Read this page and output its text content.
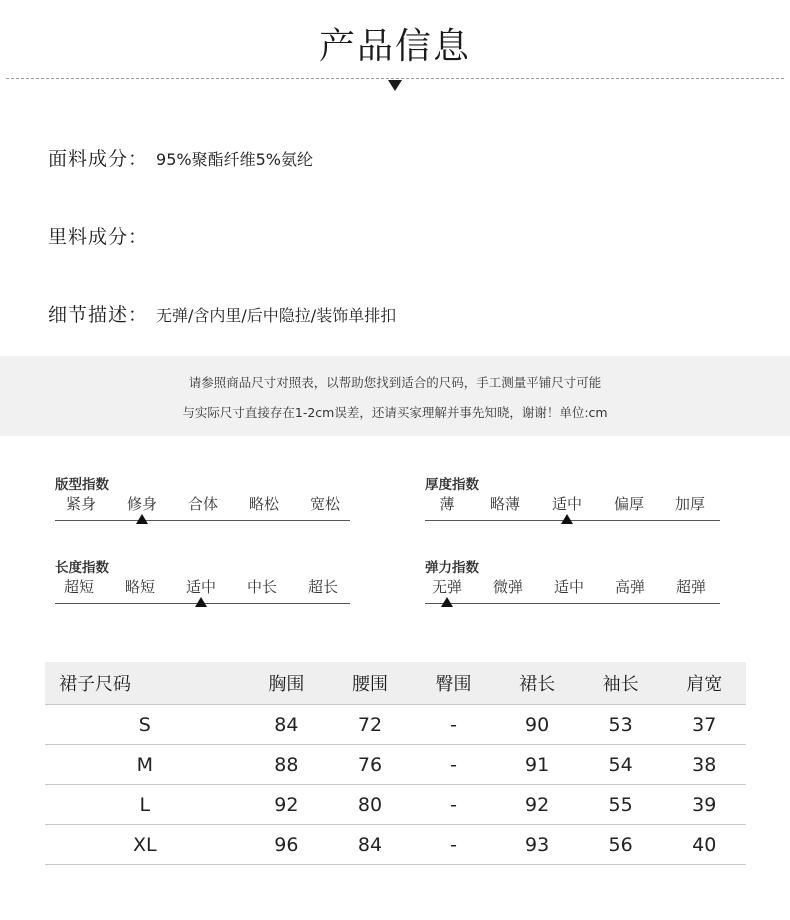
产品信息
面料成分： 95%聚酯纤维5%氨纶
里料成分：
细节描述： 无弹/含内里/后中隐拉/装饰单排扣
请参照商品尺寸对照表，以帮助您找到适合的尺码，手工测量平铺尺寸可能
与实际尺寸直接存在1-2cm误差，还请买家理解并事先知晓，谢谢！单位:cm
版型指数
紧身	修身	合体	略松	宽松
厚度指数
薄	略薄	适中	偏厚	加厚
长度指数
超短	略短	适中	中长	超长
弹力指数
无弹	微弹	适中	高弹	超弹
裙子尺码	胸围	腰围	臀围	裙长	袖长	肩宽
S	84	72	-	90	53	37
M	88	76	-	91	54	38
L	92	80	-	92	55	39
XL	96	84	-	93	56	40
